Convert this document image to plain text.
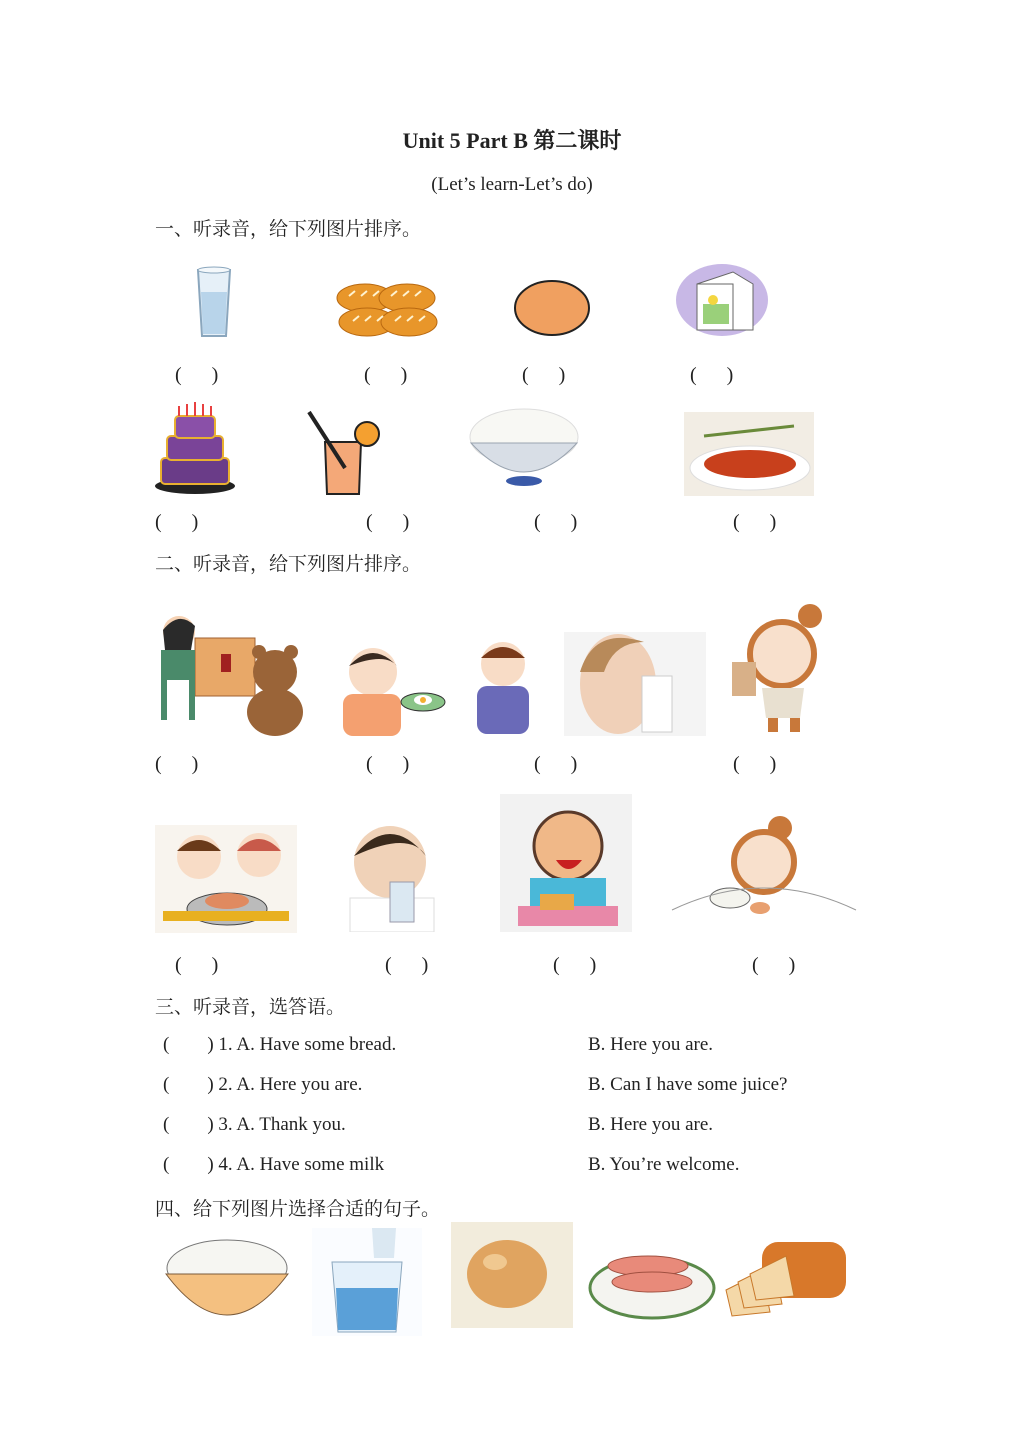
Unit 5 Part B 第二课时
(Let’s learn-Let’s do)
一、听录音，给下列图片排序。
(      )	(      )	(      )	(      )
(      )	(      )	(      )	(      )
二、听录音，给下列图片排序。
(      )	(      )	(      )	(      )
(      )	(      )	(      )	(      )
三、听录音，选答语。
(        ) 1. A. Have some bread.	B. Here you are.
(        ) 2. A. Here you are.	B. Can I have some juice?
(        ) 3. A. Thank you.	B. Here you are.
(        ) 4. A. Have some milk	B. You’re welcome.
四、给下列图片选择合适的句子。
